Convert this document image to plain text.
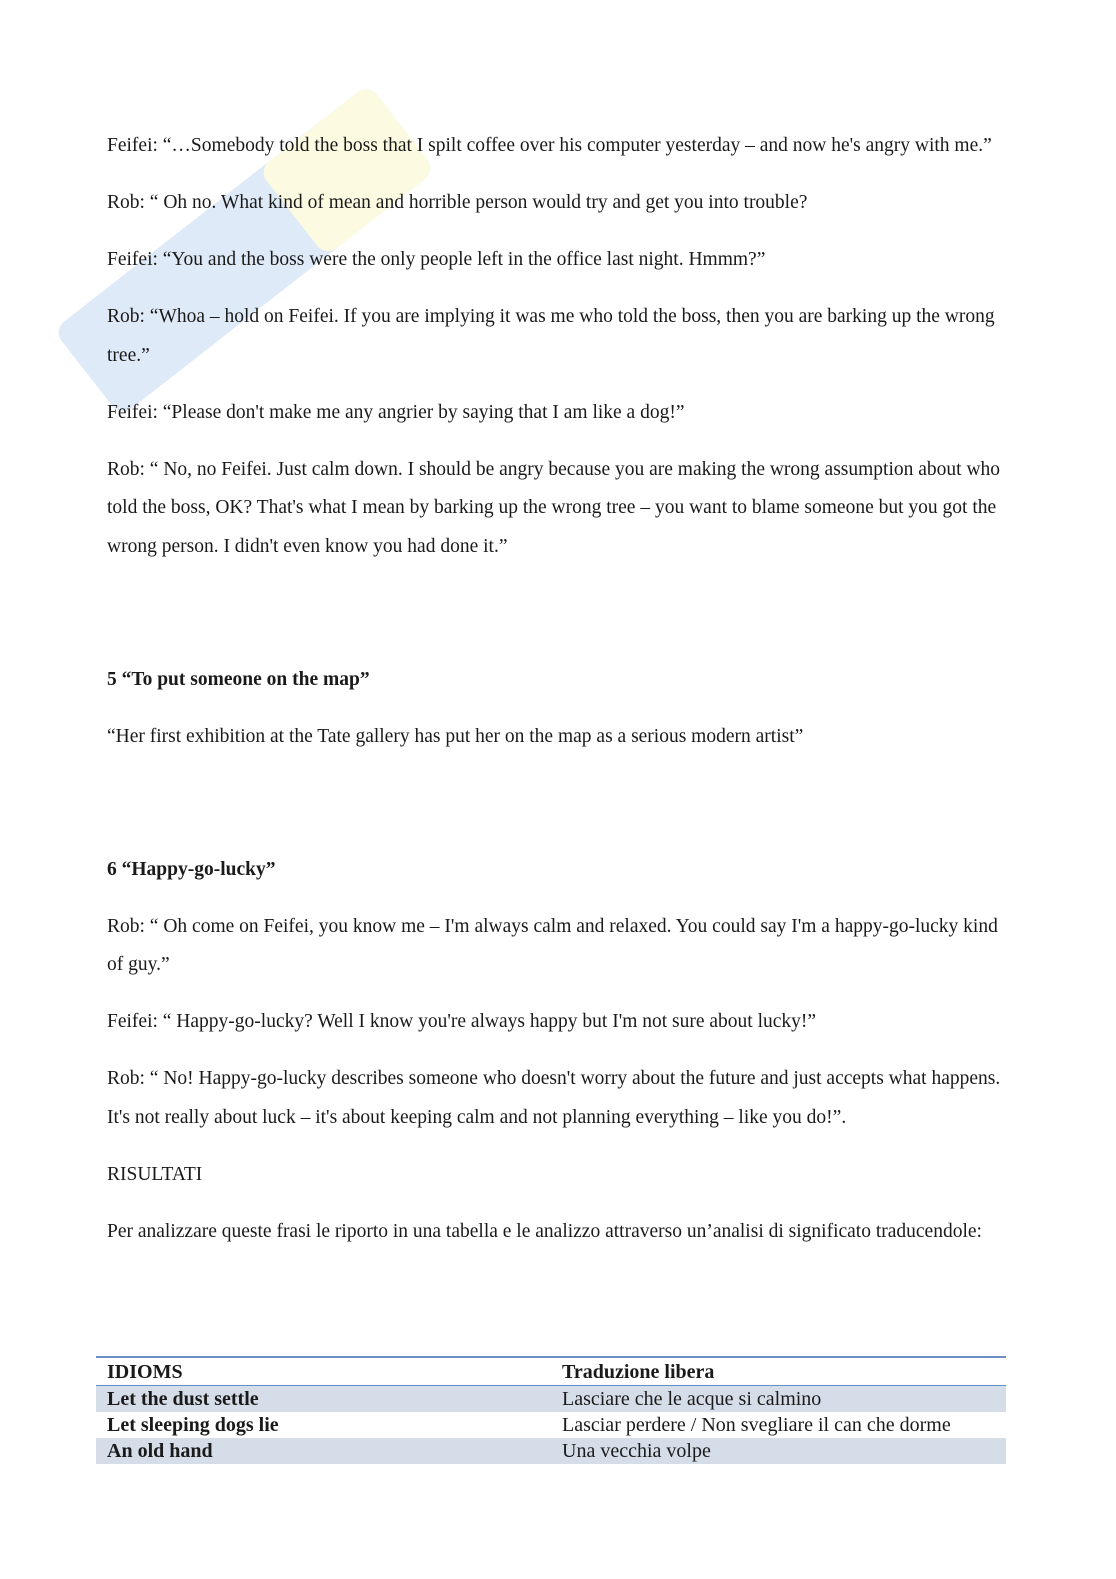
Feifei: “…Somebody told the boss that I spilt coffee over his computer yesterday – and now he's angry with me.”

Rob: “ Oh no. What kind of mean and horrible person would try and get you into trouble?

Feifei: “You and the boss were the only people left in the office last night. Hmmm?”

Rob: “Whoa – hold on Feifei. If you are implying it was me who told the boss, then you are barking up the wrong tree.”

Feifei: “Please don't make me any angrier by saying that I am like a dog!”

Rob: “ No, no Feifei. Just calm down. I should be angry because you are making the wrong assumption about who told the boss, OK? That's what I mean by barking up the wrong tree – you want to blame someone but you got the wrong person. I didn't even know you had done it.”

5 “To put someone on the map”

“Her first exhibition at the Tate gallery has put her on the map as a serious modern artist”

6 “Happy-go-lucky”

Rob: “ Oh come on Feifei, you know me – I'm always calm and relaxed. You could say I'm a happy-go-lucky kind of guy.”

Feifei: “ Happy-go-lucky? Well I know you're always happy but I'm not sure about lucky!”

Rob: “ No! Happy-go-lucky describes someone who doesn't worry about the future and just accepts what happens. It's not really about luck – it's about keeping calm and not planning everything – like you do!”.

RISULTATI

Per analizzare queste frasi le riporto in una tabella e le analizzo attraverso un’analisi di significato traducendole:

IDIOMS	Traduzione libera
Let the dust settle	Lasciare che le acque si calmino
Let sleeping dogs lie	Lasciar perdere / Non svegliare il can che dorme
An old hand	Una vecchia volpe
